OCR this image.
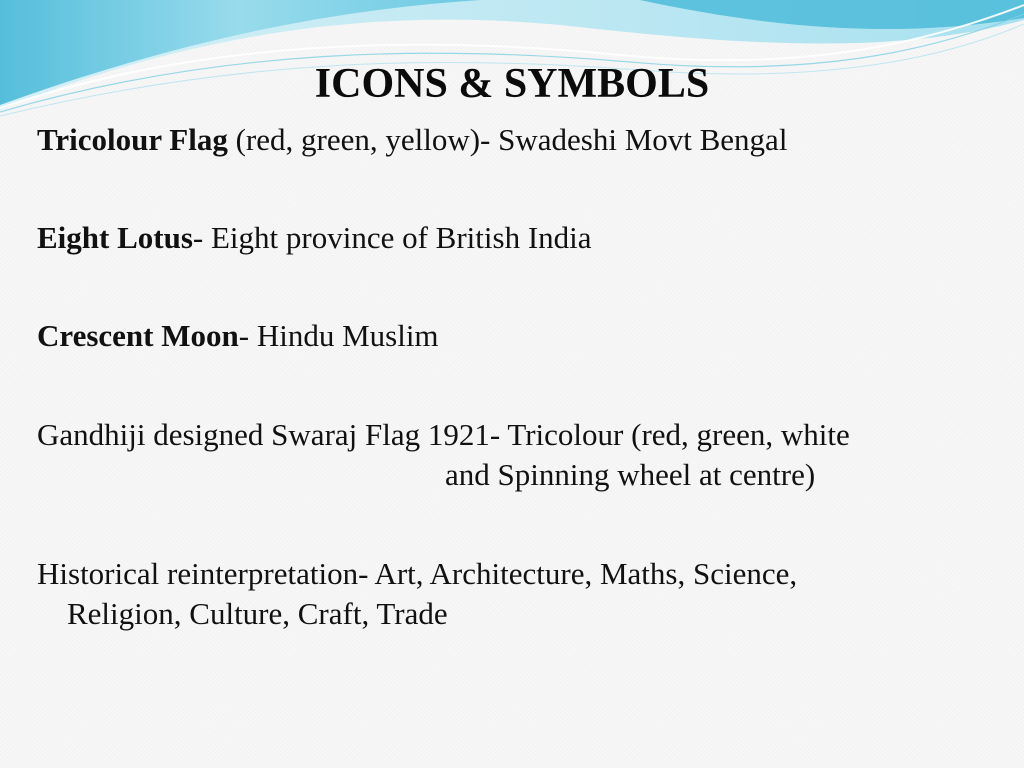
ICONS & SYMBOLS

Tricolour Flag (red, green, yellow)- Swadeshi Movt Bengal

Eight Lotus- Eight province of British India

Crescent Moon- Hindu Muslim

Gandhiji designed Swaraj Flag 1921- Tricolour (red, green, white
and Spinning wheel at centre)

Historical reinterpretation- Art, Architecture, Maths, Science,
Religion, Culture, Craft, Trade
